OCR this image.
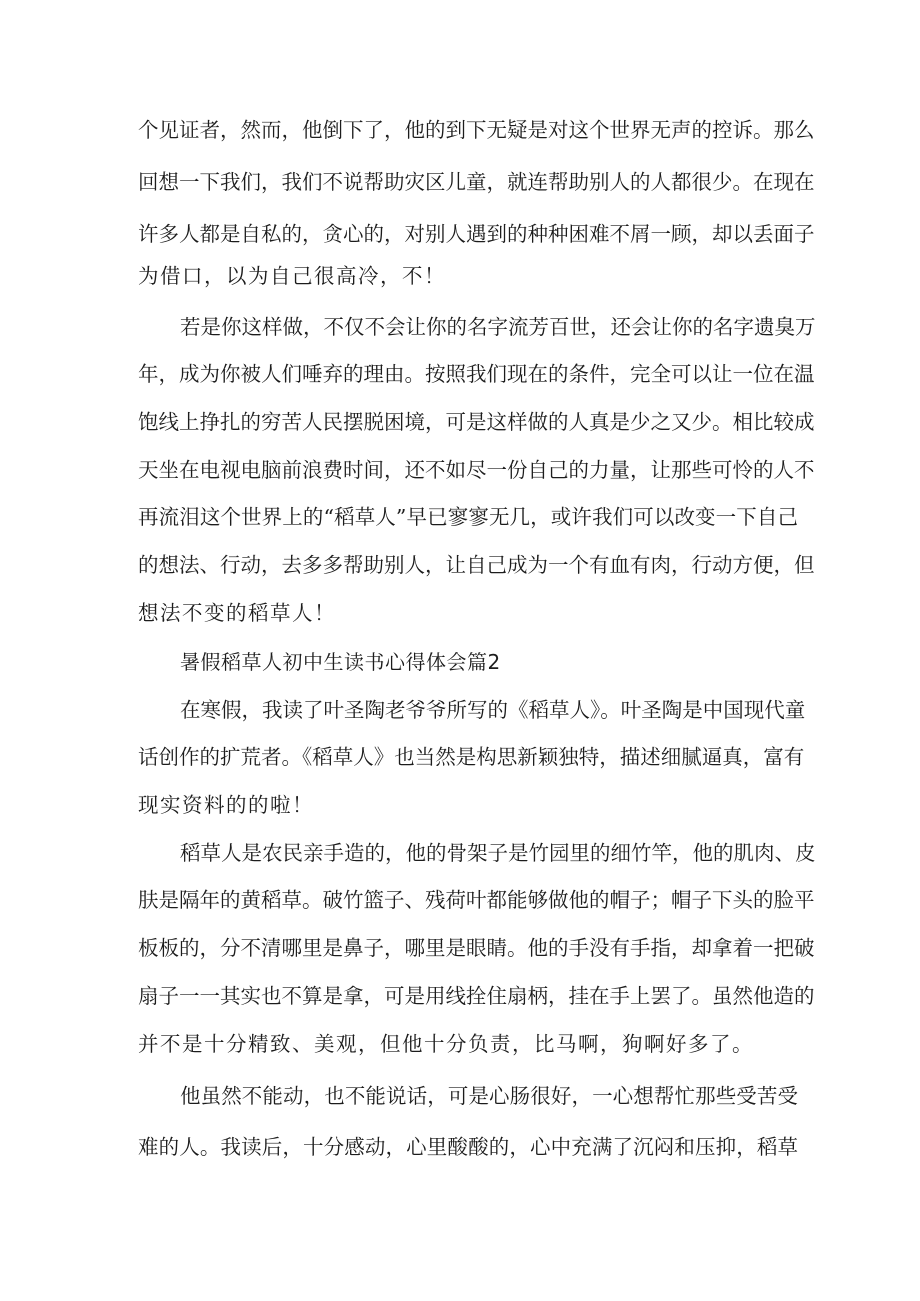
个见证者，然而，他倒下了，他的到下无疑是对这个世界无声的控诉。那么
回想一下我们，我们不说帮助灾区儿童，就连帮助别人的人都很少。在现在
许多人都是自私的，贪心的，对别人遇到的种种困难不屑一顾，却以丢面子
为借口，以为自己很高冷，不！
若是你这样做，不仅不会让你的名字流芳百世，还会让你的名字遗臭万
年，成为你被人们唾弃的理由。按照我们现在的条件，完全可以让一位在温
饱线上挣扎的穷苦人民摆脱困境，可是这样做的人真是少之又少。相比较成
天坐在电视电脑前浪费时间，还不如尽一份自己的力量，让那些可怜的人不
再流泪这个世界上的“稻草人”早已寥寥无几，或许我们可以改变一下自己
的想法、行动，去多多帮助别人，让自己成为一个有血有肉，行动方便，但
想法不变的稻草人！
暑假稻草人初中生读书心得体会篇2
在寒假，我读了叶圣陶老爷爷所写的《稻草人》。叶圣陶是中国现代童
话创作的扩荒者。《稻草人》也当然是构思新颖独特，描述细腻逼真，富有
现实资料的的啦！
稻草人是农民亲手造的，他的骨架子是竹园里的细竹竿，他的肌肉、皮
肤是隔年的黄稻草。破竹篮子、残荷叶都能够做他的帽子；帽子下头的脸平
板板的，分不清哪里是鼻子，哪里是眼睛。他的手没有手指，却拿着一把破
扇子一一其实也不算是拿，可是用线拴住扇柄，挂在手上罢了。虽然他造的
并不是十分精致、美观，但他十分负责，比马啊，狗啊好多了。
他虽然不能动，也不能说话，可是心肠很好，一心想帮忙那些受苦受
难的人。我读后，十分感动，心里酸酸的，心中充满了沉闷和压抑，稻草
